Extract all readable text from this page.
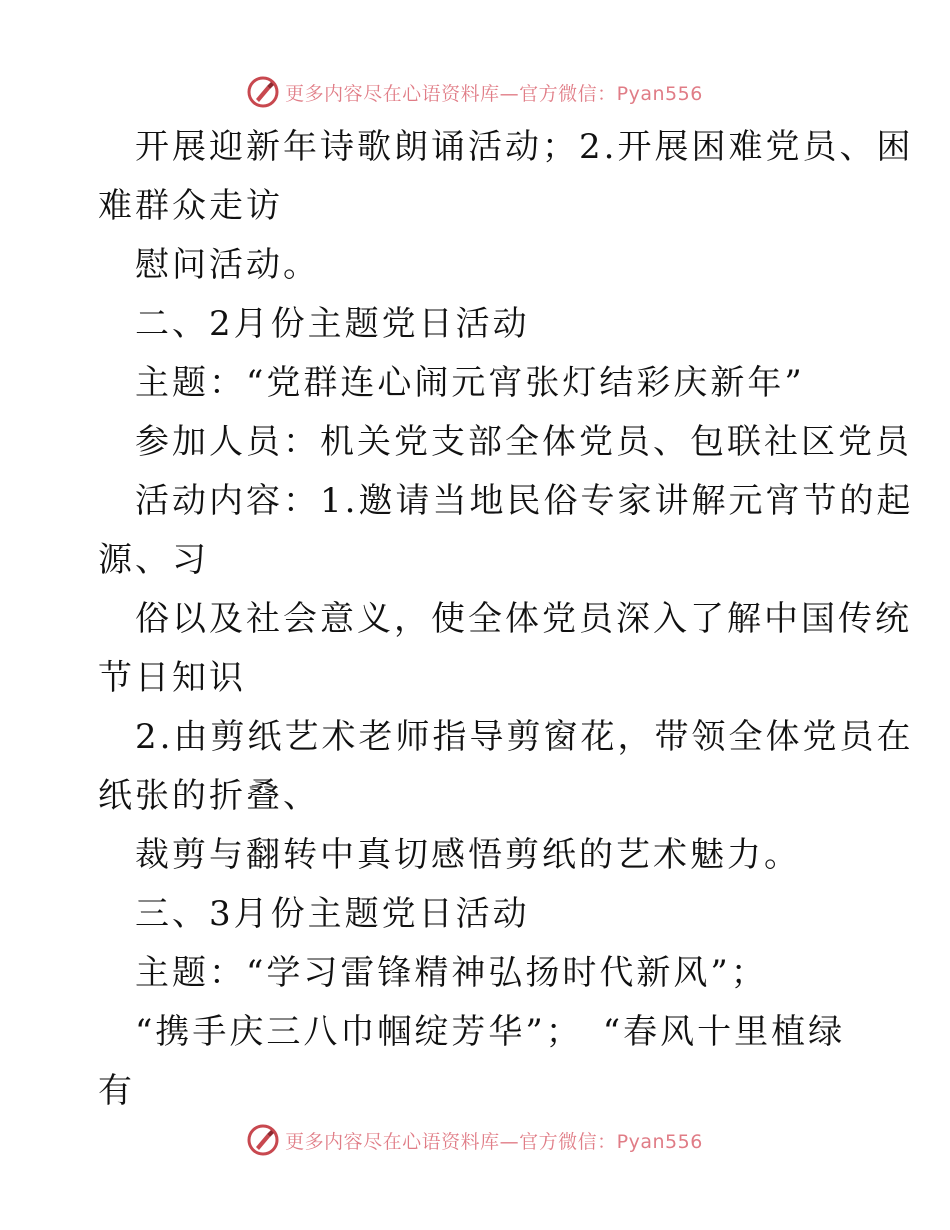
更多内容尽在心语资料库—官方微信：Pyan556
开展迎新年诗歌朗诵活动；2.开展困难党员、困
难群众走访
慰问活动。
二、2月份主题党日活动
主题：“党群连心闹元宵张灯结彩庆新年”
参加人员：机关党支部全体党员、包联社区党员
活动内容：1.邀请当地民俗专家讲解元宵节的起
源、习
俗以及社会意义，使全体党员深入了解中国传统
节日知识
2.由剪纸艺术老师指导剪窗花，带领全体党员在
纸张的折叠、
裁剪与翻转中真切感悟剪纸的艺术魅力。
三、3月份主题党日活动
主题：“学习雷锋精神弘扬时代新风”；
“携手庆三八巾帼绽芳华”；　“春风十里植绿
有
更多内容尽在心语资料库—官方微信：Pyan556
